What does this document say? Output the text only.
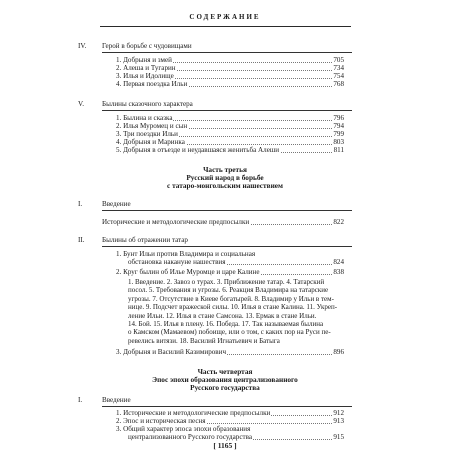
СОДЕРЖАНИЕ
IV. Герой в борьбе с чудовищами
1. Добрыня и змей	705
2. Алеша и Тугарин	734
3. Илья и Идолище	754
4. Первая поездка Ильи	768
V.	Былины сказочного характера
1. Былина и сказка	796
2. Илья Муромец и сын	794
3. Три поездки Ильи	799
4. Добрыня и Маринка	803
5. Добрыня в отъезде и неудавшаяся женитьба Алеши	811
Часть третья
Русский народ в борьбе
с татаро-монгольским нашествием
I.	Введение
Исторические и методологические предпосылки	822
II. Былины об отражении татар
1. Бунт Ильи против Владимира и социальная
обстановка накануне нашествия	824
2. Круг былин об Илье Муромце и царе Калине	838
1. Введение. 2. Завоз о турах. 3. Приближение татар. 4. Татарский
посол. 5. Требования и угрозы. 6. Реакция Владимира на татарские
угрозы. 7. Отсутствие в Киеве богатырей. 8. Владимир у Ильи в тем-
нице. 9. Подсчет вражеской силы. 10. Илья в стане Калина. 11. Укреп-
ление Ильи. 12. Илья в стане Самсона. 13. Ермак в стане Ильи.
14. Бой. 15. Илья в плену. 16. Победа. 17. Так называемая былина
о Камском (Мамаевом) побоище, или о том, с каких пор на Руси пе-
ревелись витязи. 18. Василий Игнатьевич и Батыга
3. Добрыня и Василий Казимирович	896
Часть четвертая
Эпос эпохи образования централизованного
Русского государства
I.	Введение
1. Исторические и методологические предпосылки	912
2. Эпос и историческая песня	913
3. Общий характер эпоса эпохи образования
централизованного Русского государства	915
[ 1165 ]
